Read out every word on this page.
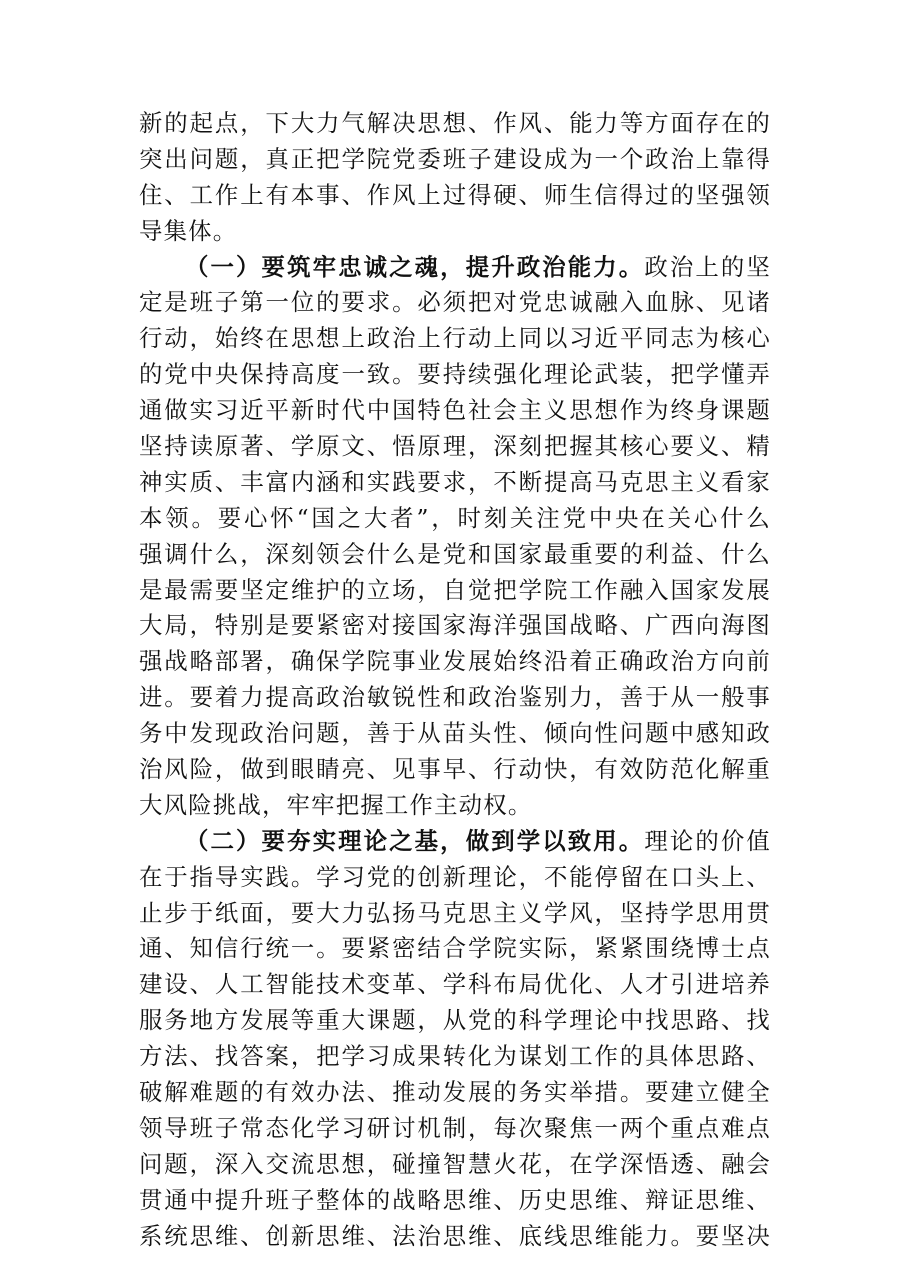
新的起点，下大力气解决思想、作风、能力等方面存在的
突出问题，真正把学院党委班子建设成为一个政治上靠得
住、工作上有本事、作风上过得硬、师生信得过的坚强领
导集体。
（一）要筑牢忠诚之魂，提升政治能力。政治上的坚
定是班子第一位的要求。必须把对党忠诚融入血脉、见诸
行动，始终在思想上政治上行动上同以习近平同志为核心
的党中央保持高度一致。要持续强化理论武装，把学懂弄
通做实习近平新时代中国特色社会主义思想作为终身课题
坚持读原著、学原文、悟原理，深刻把握其核心要义、精
神实质、丰富内涵和实践要求，不断提高马克思主义看家
本领。要心怀“国之大者”，时刻关注党中央在关心什么
强调什么，深刻领会什么是党和国家最重要的利益、什么
是最需要坚定维护的立场，自觉把学院工作融入国家发展
大局，特别是要紧密对接国家海洋强国战略、广西向海图
强战略部署，确保学院事业发展始终沿着正确政治方向前
进。要着力提高政治敏锐性和政治鉴别力，善于从一般事
务中发现政治问题，善于从苗头性、倾向性问题中感知政
治风险，做到眼睛亮、见事早、行动快，有效防范化解重
大风险挑战，牢牢把握工作主动权。
（二）要夯实理论之基，做到学以致用。理论的价值
在于指导实践。学习党的创新理论，不能停留在口头上、
止步于纸面，要大力弘扬马克思主义学风，坚持学思用贯
通、知信行统一。要紧密结合学院实际，紧紧围绕博士点
建设、人工智能技术变革、学科布局优化、人才引进培养
服务地方发展等重大课题，从党的科学理论中找思路、找
方法、找答案，把学习成果转化为谋划工作的具体思路、
破解难题的有效办法、推动发展的务实举措。要建立健全
领导班子常态化学习研讨机制，每次聚焦一两个重点难点
问题，深入交流思想，碰撞智慧火花，在学深悟透、融会
贯通中提升班子整体的战略思维、历史思维、辩证思维、
系统思维、创新思维、法治思维、底线思维能力。要坚决
